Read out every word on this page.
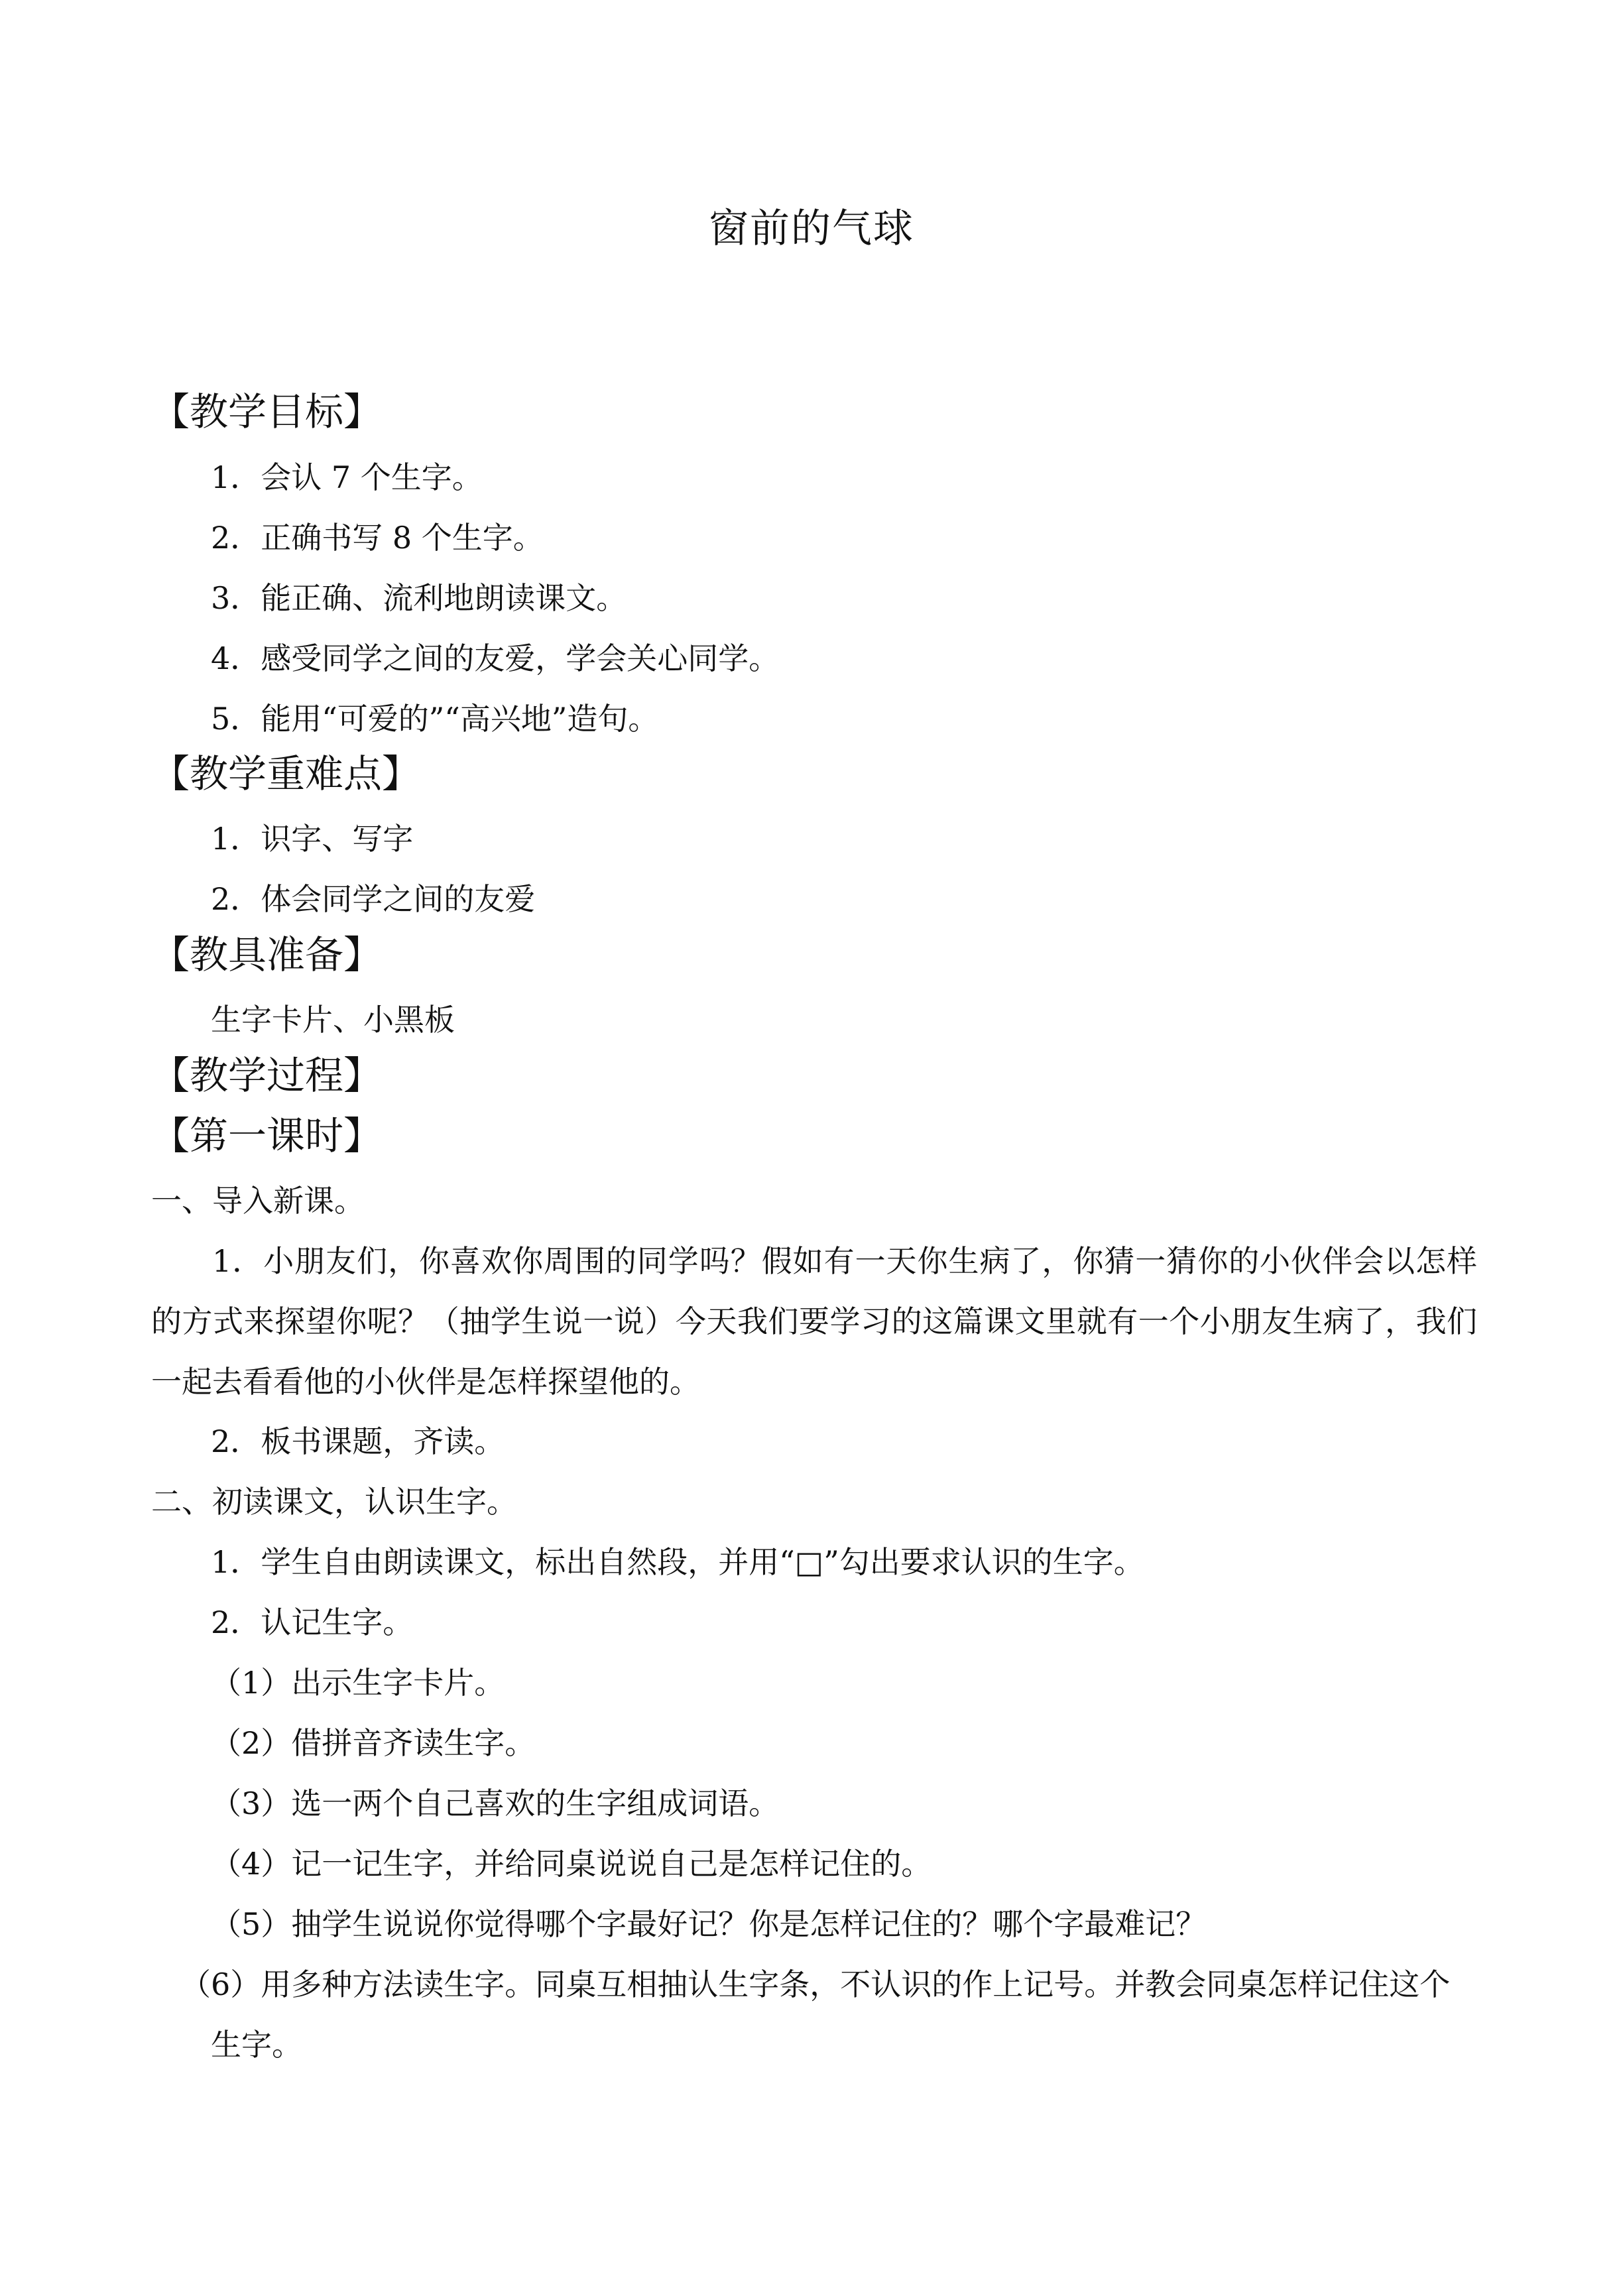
窗前的气球
【教学目标】
1．会认 7 个生字。
2．正确书写 8 个生字。
3．能正确、流利地朗读课文。
4．感受同学之间的友爱，学会关心同学。
5．能用“可爱的”“高兴地”造句。
【教学重难点】
1．识字、写字
2．体会同学之间的友爱
【教具准备】
生字卡片、小黑板
【教学过程】
【第一课时】
一、导入新课。
1．小朋友们，你喜欢你周围的同学吗？假如有一天你生病了，你猜一猜你的小伙伴会以怎样的方式来探望你呢？（抽学生说一说）今天我们要学习的这篇课文里就有一个小朋友生病了，我们一起去看看他的小伙伴是怎样探望他的。
2．板书课题，齐读。
二、初读课文，认识生字。
1．学生自由朗读课文，标出自然段，并用“□”勾出要求认识的生字。
2．认记生字。
（1）出示生字卡片。
（2）借拼音齐读生字。
（3）选一两个自己喜欢的生字组成词语。
（4）记一记生字，并给同桌说说自己是怎样记住的。
（5）抽学生说说你觉得哪个字最好记？你是怎样记住的？哪个字最难记？
（6）用多种方法读生字。同桌互相抽认生字条，不认识的作上记号。并教会同桌怎样记住这个生字。
